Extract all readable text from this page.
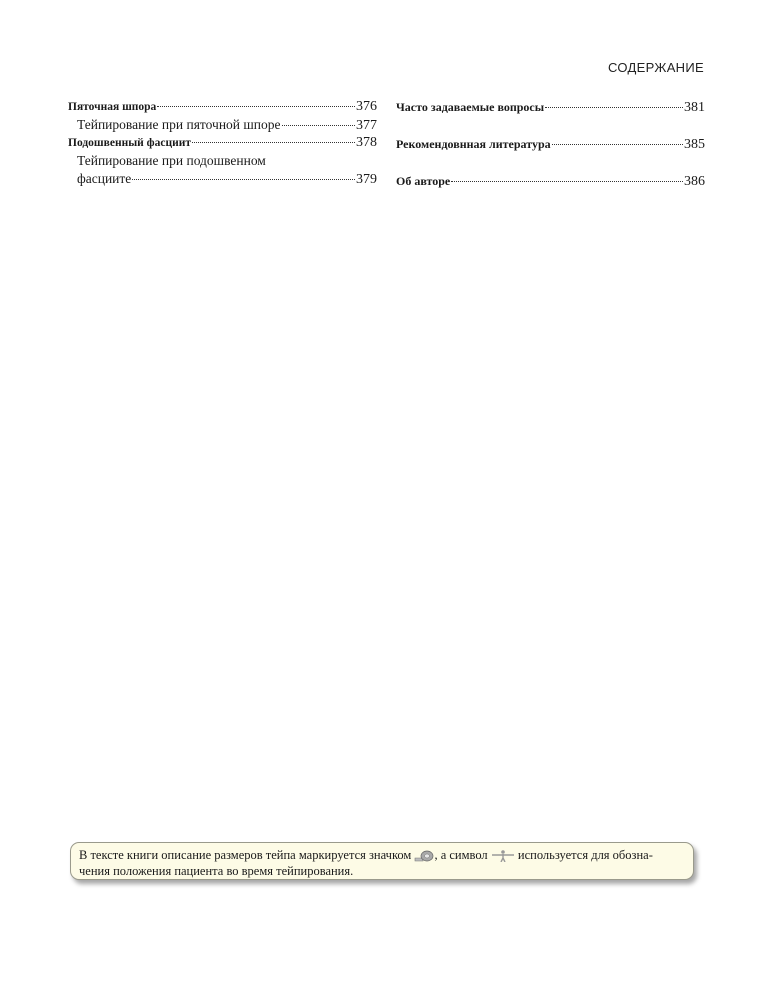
СОДЕРЖАНИЕ
Пяточная шпора	376
Тейпирование при пяточной шпоре	377
Подошвенный фасциит	378
Тейпирование при подошвенном
фасциите	379
Часто задаваемые вопросы	381
Рекомендовнная литература	385
Об авторе	386
В тексте книги описание размеров тейпа маркируется значком , а символ используется для обозна-
чения положения пациента во время тейпирования.
